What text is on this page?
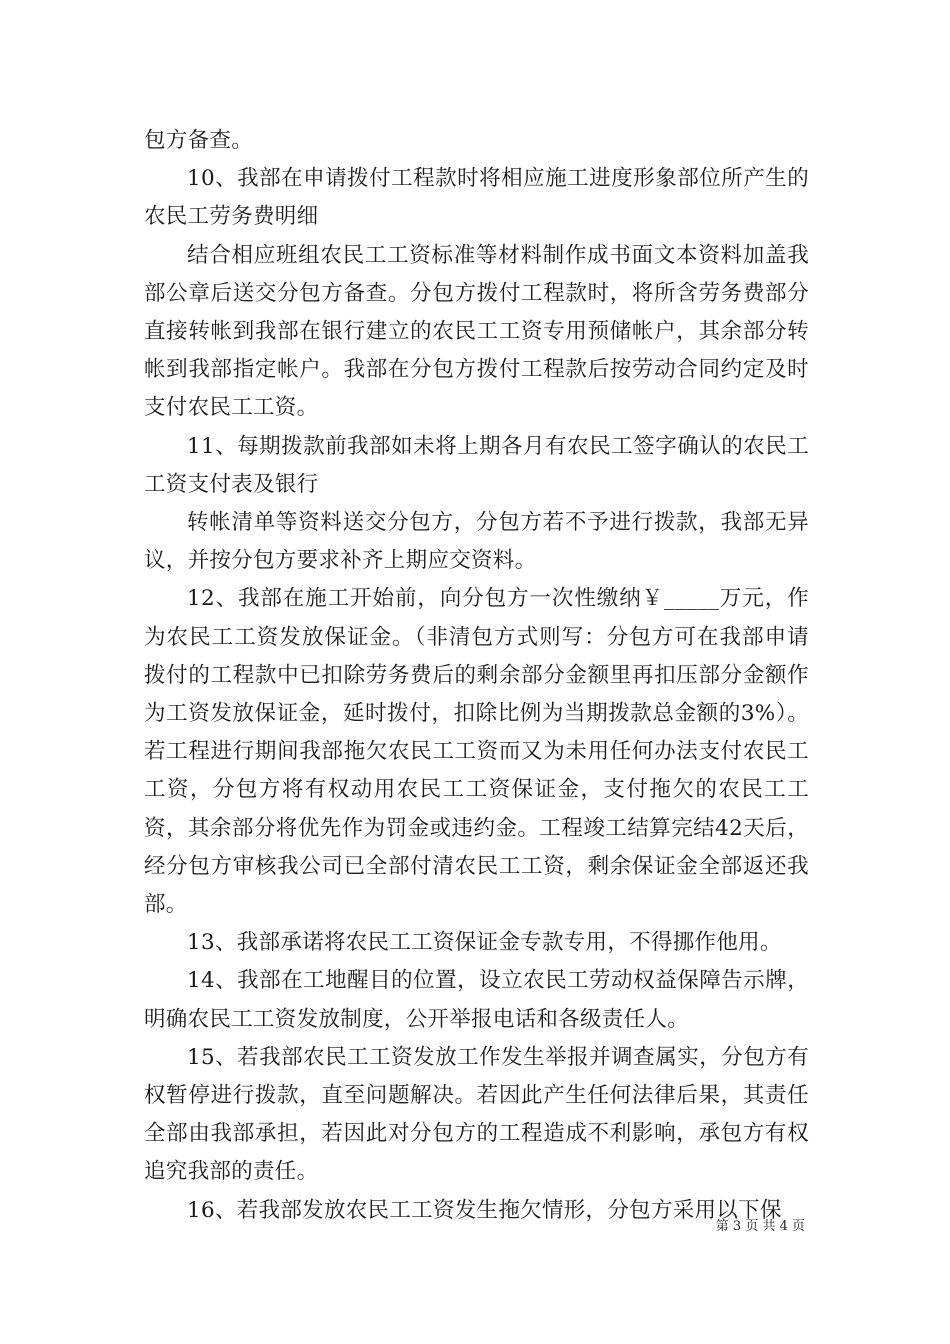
包方备查。

10、我部在申请拨付工程款时将相应施工进度形象部位所产生的农民工劳务费明细

结合相应班组农民工工资标准等材料制作成书面文本资料加盖我部公章后送交分包方备查。分包方拨付工程款时，将所含劳务费部分直接转帐到我部在银行建立的农民工工资专用预储帐户，其余部分转帐到我部指定帐户。我部在分包方拨付工程款后按劳动合同约定及时支付农民工工资。

11、每期拨款前我部如未将上期各月有农民工签字确认的农民工工资支付表及银行

转帐清单等资料送交分包方，分包方若不予进行拨款，我部无异议，并按分包方要求补齐上期应交资料。

12、我部在施工开始前，向分包方一次性缴纳￥_____万元，作为农民工工资发放保证金。（非清包方式则写：分包方可在我部申请拨付的工程款中已扣除劳务费后的剩余部分金额里再扣压部分金额作为工资发放保证金，延时拨付，扣除比例为当期拨款总金额的3%）。若工程进行期间我部拖欠农民工工资而又为未用任何办法支付农民工工资，分包方将有权动用农民工工资保证金，支付拖欠的农民工工资，其余部分将优先作为罚金或违约金。工程竣工结算完结42天后，经分包方审核我公司已全部付清农民工工资，剩余保证金全部返还我部。

13、我部承诺将农民工工资保证金专款专用，不得挪作他用。

14、我部在工地醒目的位置，设立农民工劳动权益保障告示牌，明确农民工工资发放制度，公开举报电话和各级责任人。

15、若我部农民工工资发放工作发生举报并调查属实，分包方有权暂停进行拨款，直至问题解决。若因此产生任何法律后果，其责任全部由我部承担，若因此对分包方的工程造成不利影响，承包方有权追究我部的责任。

16、若我部发放农民工工资发生拖欠情形，分包方采用以下保

第 3 页 共 4 页
